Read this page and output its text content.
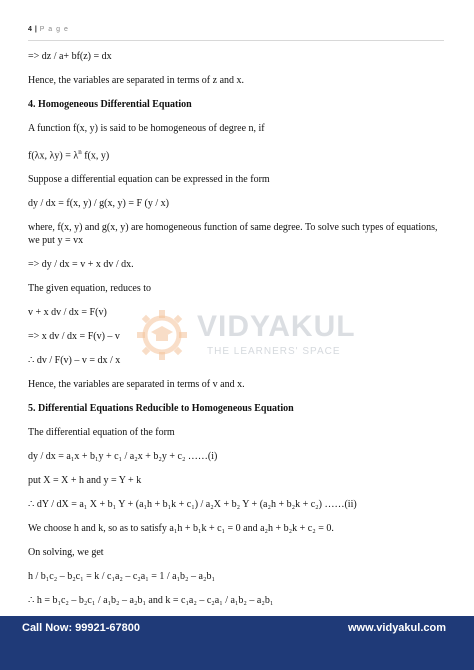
4 | P a g e
VIDYAKUL
THE LEARNERS' SPACE

=> dz / a+ bf(z) = dx

Hence, the variables are separated in terms of z and x.

4. Homogeneous Differential Equation

A function f(x, y) is said to be homogeneous of degree n, if

f(λx, $\lambda y) = \lambda^n$ f(x, y)

Suppose a differential equation can be expressed in the form

dy / dx = f(x, y) / g(x, y) = F (y / x)

where, f(x, y) and g(x, y) are homogeneous function of same degree. To solve such types of equations, we put y = vx

=> dy / dx = v + x dv / dx.

The given equation, reduces to

v + x dv / dx = F(v)

=> x dv / dx = F(v) – v

∴ dv / F(v) – v = dx / x

Hence, the variables are separated in terms of v and x.

5. Differential Equations Reducible to Homogeneous Equation

The differential equation of the form

dy / dx = a₁x + b₁y + c₁ / a₂x + b₂y + c₂ ……(i)

put X = X + h and y = Y + k

∴ dY / dX = a₁ X + b₁ Y + (a₁h + b₁k + c₁) / a₂X + b₂ Y + (a₂h + b₂k + c₂) ……(ii)

We choose h and k, so as to satisfy a₁h + b₁k + c₁ = 0 and a₂h + b₂k + c₂ = 0.

On solving, we get

h / b₁c₂ – b₂c₁ = k / c₁a₂ – c₂a₁ = 1 / a₁b₂ – a₂b₁

∴ h = b₁c₂ – b₂c₁ / a₁b₂ – a₂b₁ and k = c₁a₂ – c₂a₁ / a₁b₂ – a₂b₁

Call Now: 99921-67800	www.vidyakul.com
